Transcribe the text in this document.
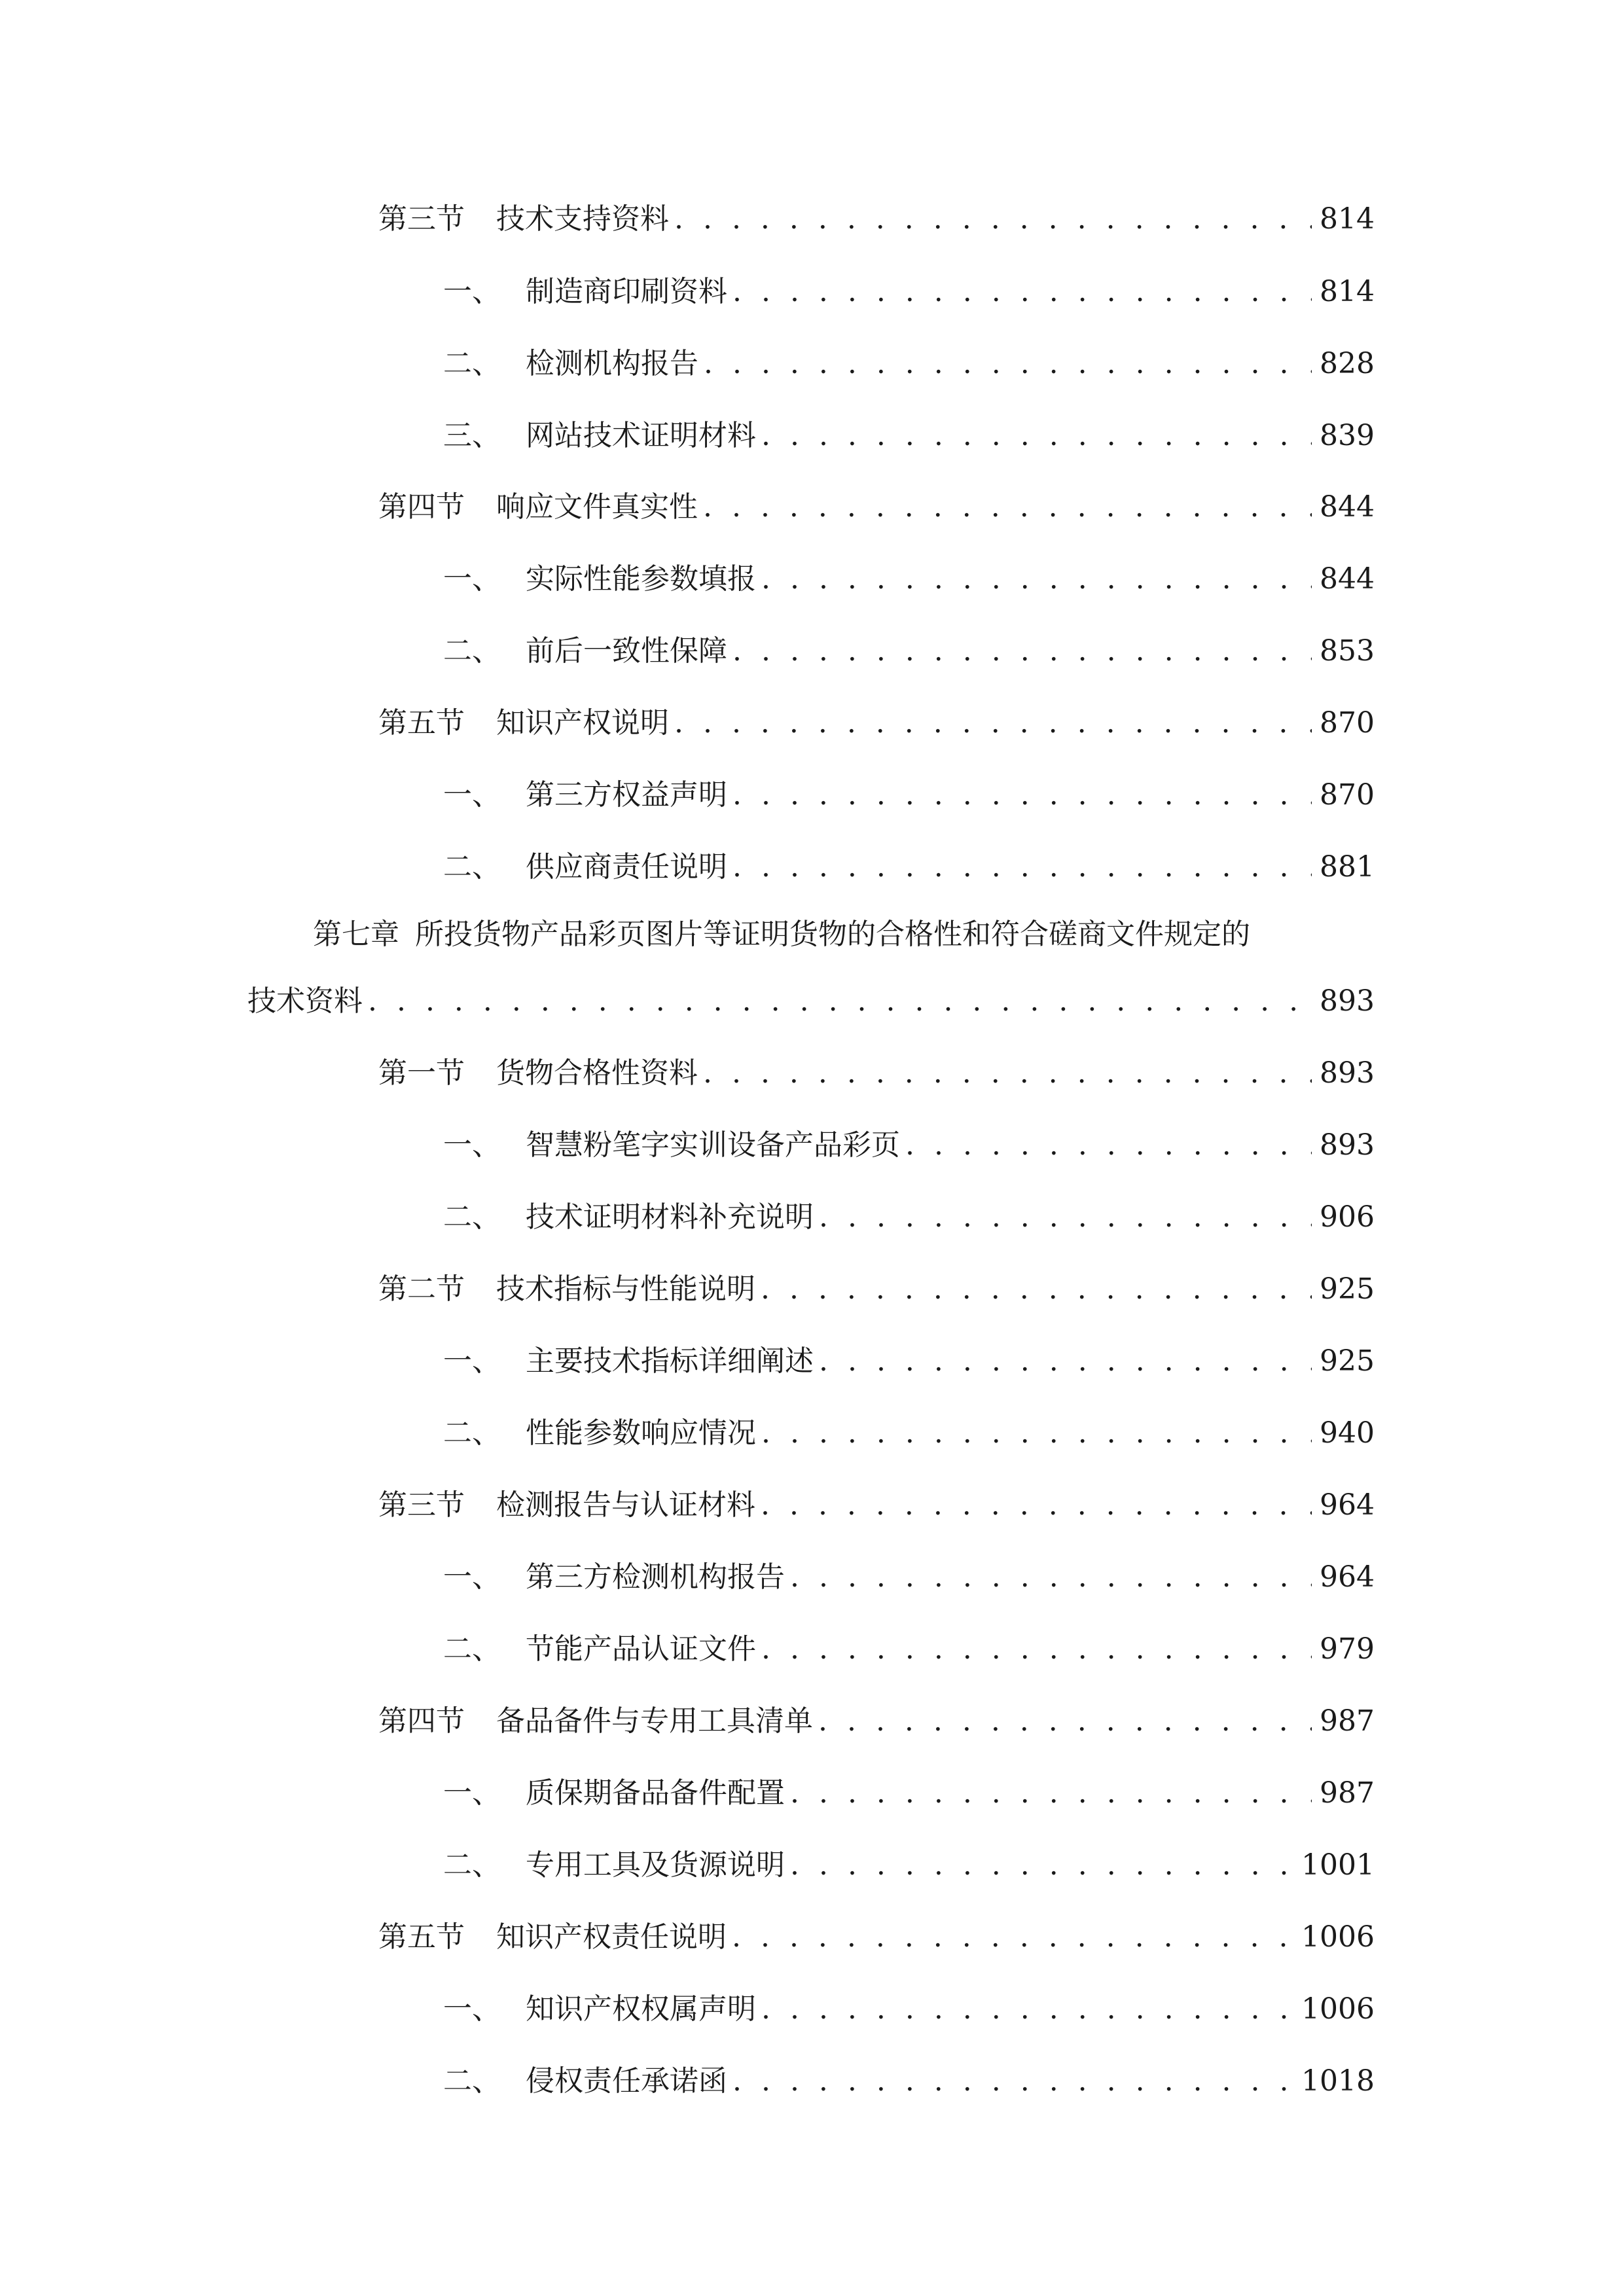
第三节	技术支持资料 . . .	814
一、 制造商印刷资料 . . .	814
二、 检测机构报告 . . .	828
三、 网站技术证明材料 . . .	839
第四节	响应文件真实性 . . .	844
一、 实际性能参数填报 . . .	844
二、 前后一致性保障 . . .	853
第五节	知识产权说明 . . .	870
一、 第三方权益声明 . . .	870
二、 供应商责任说明 . . .	881
第七章 所投货物产品彩页图片等证明货物的合格性和符合磋商文件规定的
技术资料 . . .	893
第一节	货物合格性资料 . . .	893
一、 智慧粉笔字实训设备产品彩页 . . .	893
二、 技术证明材料补充说明 . . .	906
第二节	技术指标与性能说明 . . .	925
一、 主要技术指标详细阐述 . . .	925
二、 性能参数响应情况 . . .	940
第三节	检测报告与认证材料 . . .	964
一、 第三方检测机构报告 . . .	964
二、 节能产品认证文件 . . .	979
第四节	备品备件与专用工具清单 . . .	987
一、 质保期备品备件配置 . . .	987
二、 专用工具及货源说明 . . .	1001
第五节	知识产权责任说明 . . .	1006
一、 知识产权权属声明 . . .	1006
二、 侵权责任承诺函 . . .	1018
